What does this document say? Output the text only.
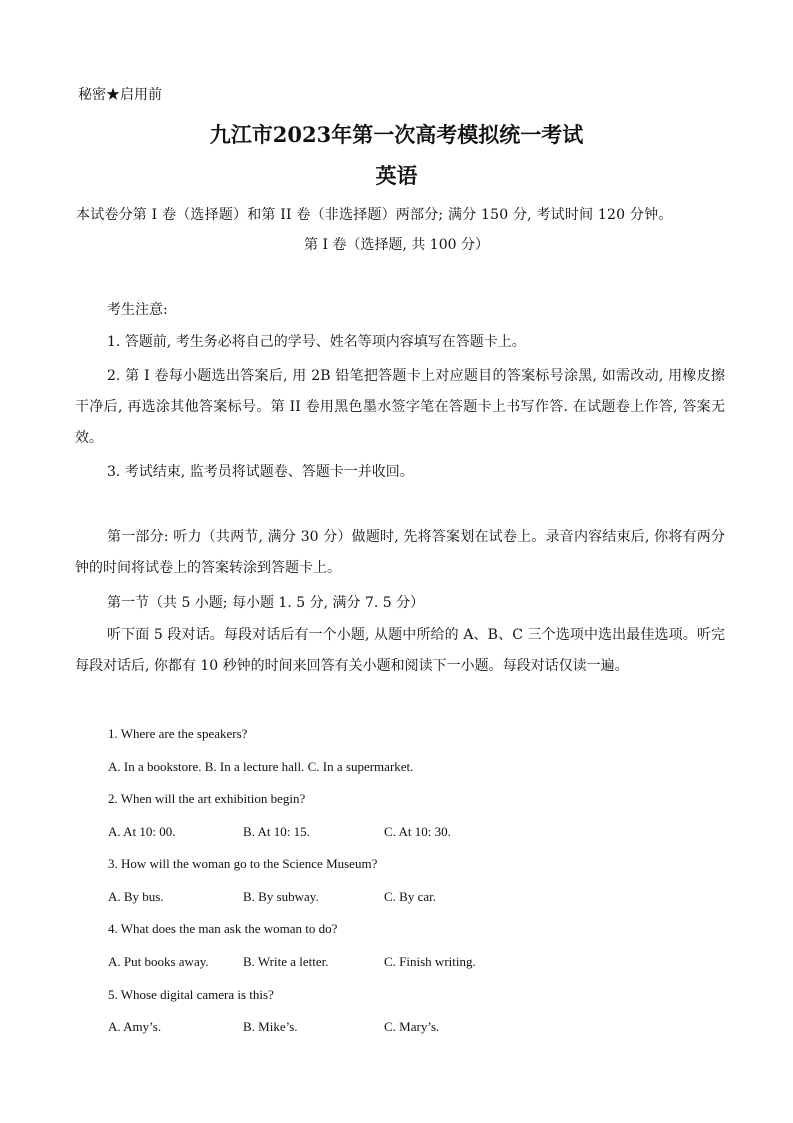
秘密★启用前
九江市2023年第一次高考模拟统一考试
英语
本试卷分第 I 卷（选择题）和第 II 卷（非选择题）两部分; 满分 150 分, 考试时间 120 分钟。
第 I 卷（选择题, 共 100 分）
考生注意:
1. 答题前, 考生务必将自己的学号、姓名等项内容填写在答题卡上。
2. 第 I 卷每小题选出答案后, 用 2B 铅笔把答题卡上对应题目的答案标号涂黑, 如需改动, 用橡皮擦干净后, 再选涂其他答案标号。第 II 卷用黑色墨水签字笔在答题卡上书写作答. 在试题卷上作答, 答案无效。
3. 考试结束, 监考员将试题卷、答题卡一并收回。
第一部分: 听力（共两节, 满分 30 分）做题时, 先将答案划在试卷上。录音内容结束后, 你将有两分钟的时间将试卷上的答案转涂到答题卡上。
第一节（共 5 小题; 每小题 1. 5 分, 满分 7. 5 分）
听下面 5 段对话。每段对话后有一个小题, 从题中所给的 A、B、C 三个选项中选出最佳选项。听完每段对话后, 你都有 10 秒钟的时间来回答有关小题和阅读下一小题。每段对话仅读一遍。
1. Where are the speakers?
A. In a bookstore. B. In a lecture hall. C. In a supermarket.
2. When will the art exhibition begin?
A. At 10: 00.	B. At 10: 15.	C. At 10: 30.
3. How will the woman go to the Science Museum?
A. By bus.	B. By subway.	C. By car.
4. What does the man ask the woman to do?
A. Put books away.	B. Write a letter.	C. Finish writing.
5. Whose digital camera is this?
A. Amy’s.	B. Mike’s.	C. Mary’s.
